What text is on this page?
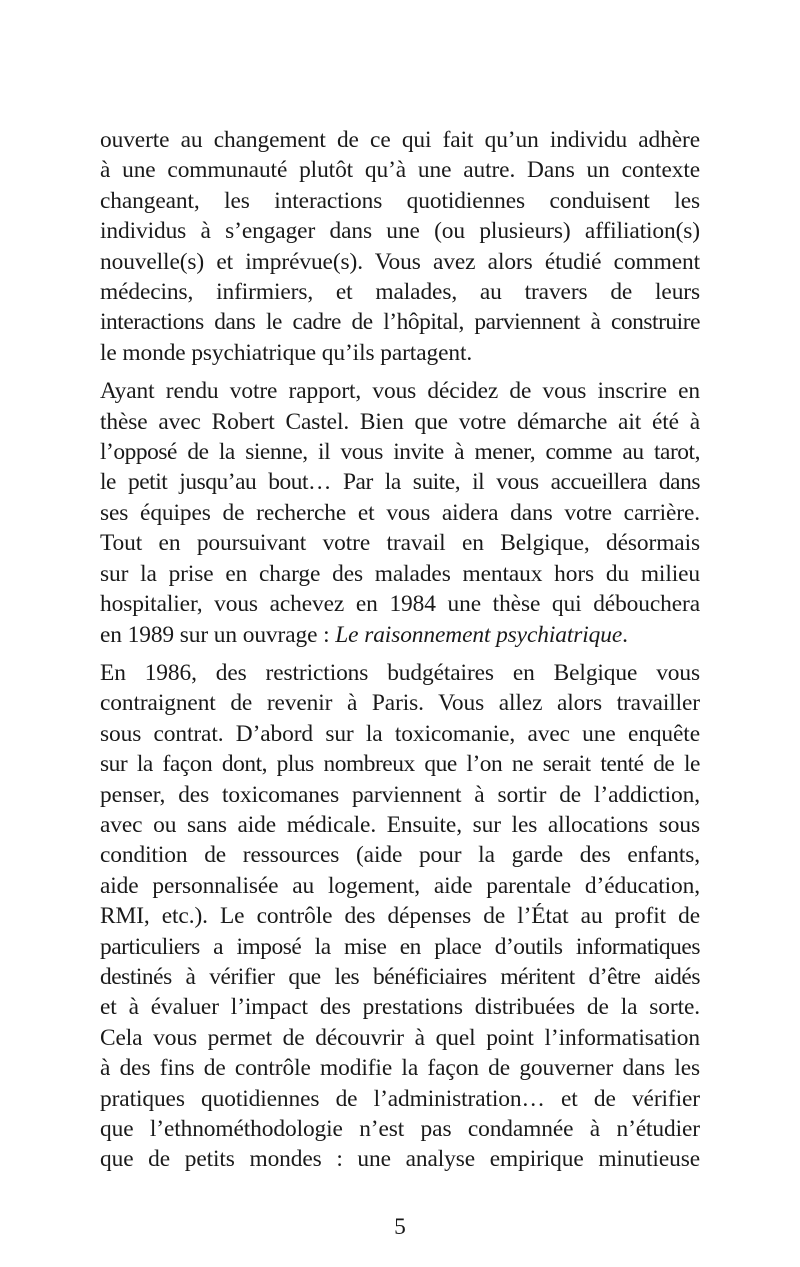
ouverte au changement de ce qui fait qu’un individu adhère
à une communauté plutôt qu’à une autre. Dans un contexte
changeant, les interactions quotidiennes conduisent les
individus à s’engager dans une (ou plusieurs) affiliation(s)
nouvelle(s) et imprévue(s). Vous avez alors étudié comment
médecins, infirmiers, et malades, au travers de leurs
interactions dans le cadre de l’hôpital, parviennent à construire
le monde psychiatrique qu’ils partagent.

Ayant rendu votre rapport, vous décidez de vous inscrire en
thèse avec Robert Castel. Bien que votre démarche ait été à
l’opposé de la sienne, il vous invite à mener, comme au tarot,
le petit jusqu’au bout… Par la suite, il vous accueillera dans
ses équipes de recherche et vous aidera dans votre carrière.
Tout en poursuivant votre travail en Belgique, désormais
sur la prise en charge des malades mentaux hors du milieu
hospitalier, vous achevez en 1984 une thèse qui débouchera
en 1989 sur un ouvrage : Le raisonnement psychiatrique.

En 1986, des restrictions budgétaires en Belgique vous
contraignent de revenir à Paris. Vous allez alors travailler
sous contrat. D’abord sur la toxicomanie, avec une enquête
sur la façon dont, plus nombreux que l’on ne serait tenté de le
penser, des toxicomanes parviennent à sortir de l’addiction,
avec ou sans aide médicale. Ensuite, sur les allocations sous
condition de ressources (aide pour la garde des enfants,
aide personnalisée au logement, aide parentale d’éducation,
RMI, etc.). Le contrôle des dépenses de l’État au profit de
particuliers a imposé la mise en place d’outils informatiques
destinés à vérifier que les bénéficiaires méritent d’être aidés
et à évaluer l’impact des prestations distribuées de la sorte.
Cela vous permet de découvrir à quel point l’informatisation
à des fins de contrôle modifie la façon de gouverner dans les
pratiques quotidiennes de l’administration… et de vérifier
que l’ethnométhodologie n’est pas condamnée à n’étudier
que de petits mondes : une analyse empirique minutieuse

5
